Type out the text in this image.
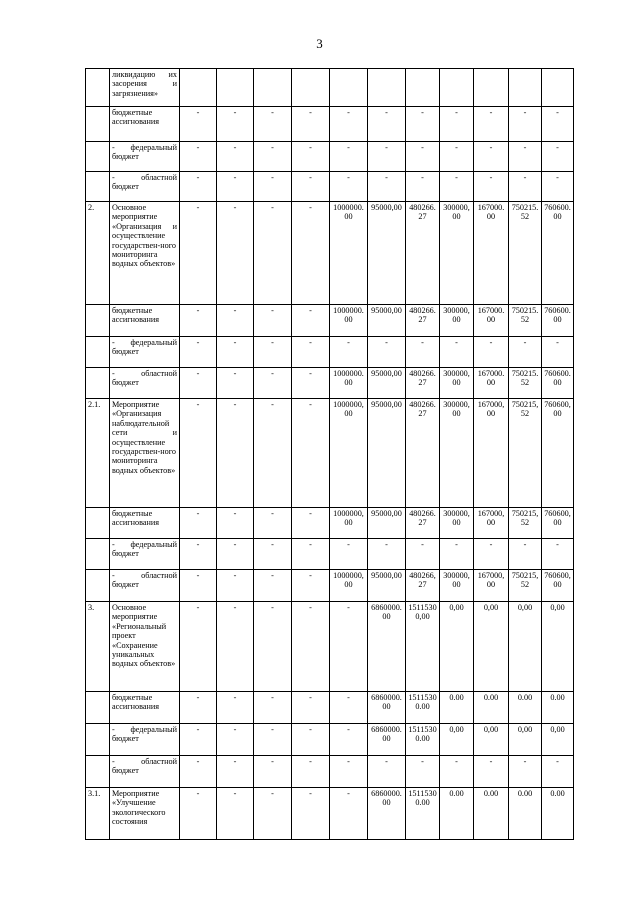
3
	ликвидацию их засорения и загрязнения»											
	бюджетные ассигнования	-	-	-	-	-	-	-	-	-	-	-
	- федеральный бюджет	-	-	-	-	-	-	-	-	-	-	-
	- областной бюджет	-	-	-	-	-	-	-	-	-	-	-
2.	Основное мероприятие «Организация и осуществление государствен-ного мониторинга водных объектов»	-	-	-	-	1000000.00	95000,00	480266.27	300000,00	167000.00	750215.52	760600.00
	бюджетные ассигнования	-	-	-	-	1000000.00	95000,00	480266.27	300000,00	167000.00	750215.52	760600.00
	- федеральный бюджет	-	-	-	-	-	-	-	-	-	-	-
	- областной бюджет	-	-	-	-	1000000.00	95000,00	480266.27	300000,00	167000.00	750215.52	760600.00
2.1.	Мероприятие «Организация наблюдательной сети и осуществление государствен-ного мониторинга водных объектов»	-	-	-	-	1000000,00	95000,00	480266.27	300000,00	167000,00	750215,52	760600,00
	бюджетные ассигнования	-	-	-	-	1000000,00	95000,00	480266.27	300000,00	167000,00	750215,52	760600,00
	- федеральный бюджет	-	-	-	-	-	-	-	-	-	-	-
	- областной бюджет	-	-	-	-	1000000,00	95000,00	480266,27	300000,00	167000,00	750215,52	760600,00
3.	Основное мероприятие «Региональный проект «Сохранение уникальных водных объектов»	-	-	-	-	-	6860000.00	15115300,00	0,00	0,00	0,00	0,00
	бюджетные ассигнования	-	-	-	-	-	6860000.00	15115300.00	0.00	0.00	0.00	0.00
	- федеральный бюджет	-	-	-	-	-	6860000.00	15115300.00	0,00	0,00	0,00	0,00
	- областной бюджет	-	-	-	-	-	-	-	-	-	-	-
3.1.	Мероприятие «Улучшение экологического состояния	-	-	-	-	-	6860000.00	15115300.00	0.00	0.00	0.00	0.00
